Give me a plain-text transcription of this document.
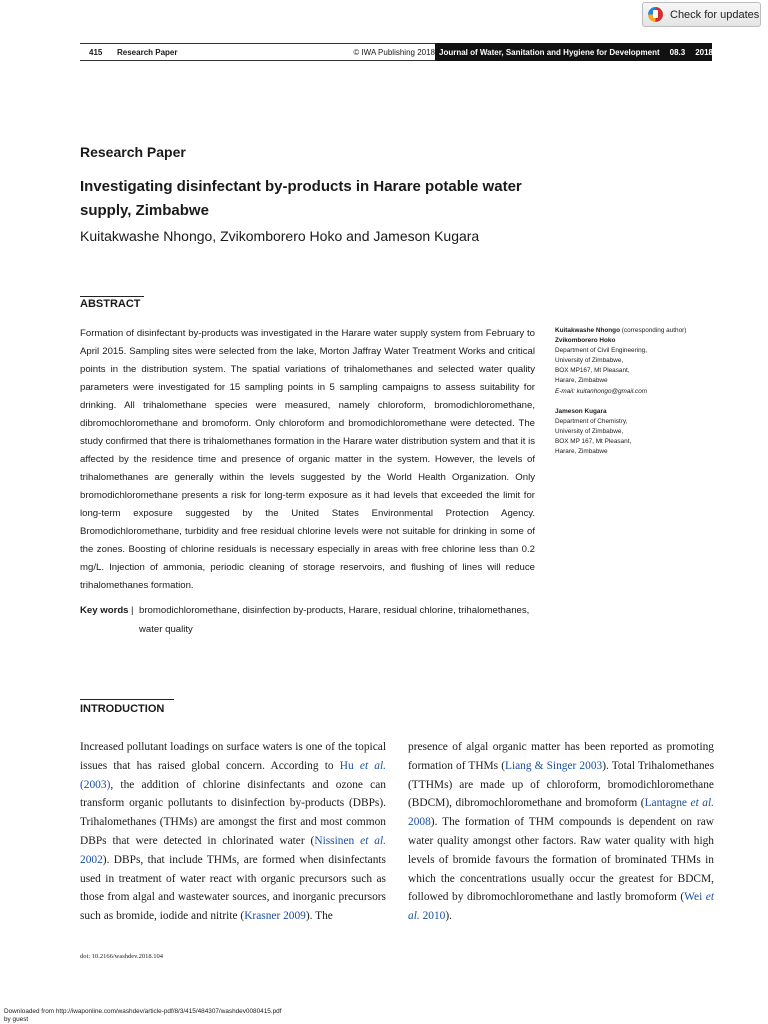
Check for updates
415 Research Paper	© IWA Publishing 2018 Journal of Water, Sanitation and Hygiene for Development 08.3 2018
Research Paper
Investigating disinfectant by-products in Harare potable water supply, Zimbabwe
Kuitakwashe Nhongo, Zvikomborero Hoko and Jameson Kugara
ABSTRACT
Formation of disinfectant by-products was investigated in the Harare water supply system from February to April 2015. Sampling sites were selected from the lake, Morton Jaffray Water Treatment Works and critical points in the distribution system. The spatial variations of trihalomethanes and selected water quality parameters were investigated for 15 sampling points in 5 sampling campaigns to assess suitability for drinking. All trihalomethane species were measured, namely chloroform, bromodichloromethane, dibromochloromethane and bromoform. Only chloroform and bromodichloromethane were detected. The study confirmed that there is trihalomethanes formation in the Harare water distribution system and that it is affected by the residence time and presence of organic matter in the system. However, the levels of trihalomethanes are generally within the levels suggested by the World Health Organization. Only bromodichloromethane presents a risk for long-term exposure as it had levels that exceeded the limit for long-term exposure suggested by the United States Environmental Protection Agency. Bromodichloromethane, turbidity and free residual chlorine levels were not suitable for drinking in some of the zones. Boosting of chlorine residuals is necessary especially in areas with free chlorine less than 0.2 mg/L. Injection of ammonia, periodic cleaning of storage reservoirs, and flushing of lines will reduce trihalomethanes formation.
Key words | bromodichloromethane, disinfection by-products, Harare, residual chlorine, trihalomethanes, water quality
Kuitakwashe Nhongo (corresponding author)
Zvikomborero Hoko
Department of Civil Engineering,
University of Zimbabwe,
BOX MP167, Mt Pleasant,
Harare, Zimbabwe
E-mail: kuitanhongo@gmail.com
Jameson Kugara
Department of Chemistry,
University of Zimbabwe,
BOX MP 167, Mt Pleasant,
Harare, Zimbabwe
INTRODUCTION
Increased pollutant loadings on surface waters is one of the topical issues that has raised global concern. According to Hu et al. (2003), the addition of chlorine disinfectants and ozone can transform organic pollutants to disinfection by-products (DBPs). Trihalomethanes (THMs) are amongst the first and most common DBPs that were detected in chlorinated water (Nissinen et al. 2002). DBPs, that include THMs, are formed when disinfectants used in treatment of water react with organic precursors such as those from algal and wastewater sources, and inorganic precursors such as bromide, iodide and nitrite (Krasner 2009). The
presence of algal organic matter has been reported as promoting formation of THMs (Liang & Singer 2003). Total Trihalomethanes (TTHMs) are made up of chloroform, bromodichloromethane (BDCM), dibromochloromethane and bromoform (Lantagne et al. 2008). The formation of THM compounds is dependent on raw water quality amongst other factors. Raw water quality with high levels of bromide favours the formation of brominated THMs in which the concentrations usually occur the greatest for BDCM, followed by dibromochloromethane and lastly bromoform (Wei et al. 2010).
doi: 10.2166/washdev.2018.104
Downloaded from http://iwaponline.com/washdev/article-pdf/8/3/415/484307/washdev0080415.pdf
by guest
